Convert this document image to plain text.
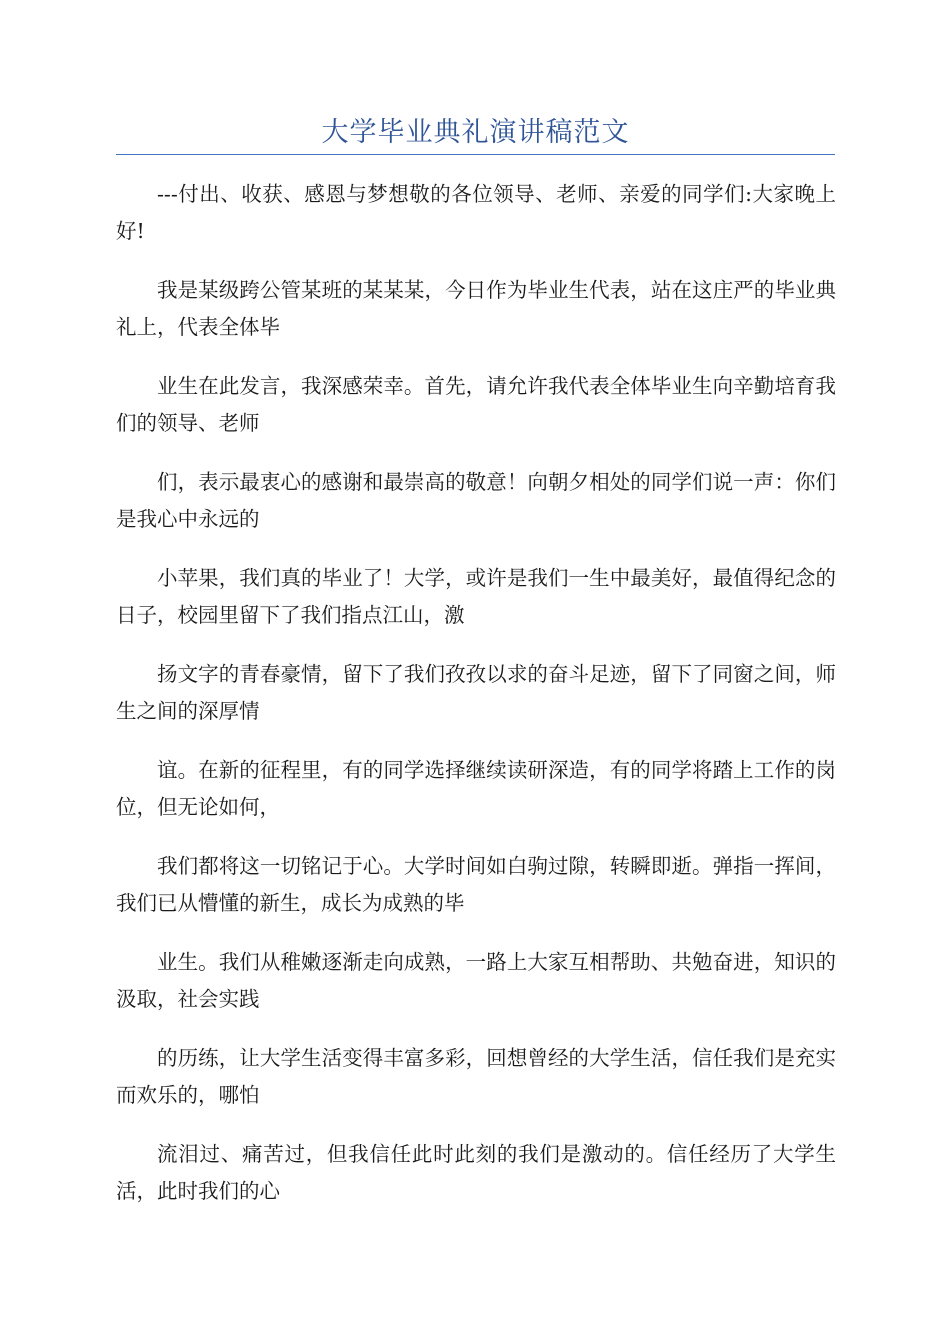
大学毕业典礼演讲稿范文

---付出、收获、感恩与梦想敬的各位领导、老师、亲爱的同学们:大家晚上好!

我是某级跨公管某班的某某某，今日作为毕业生代表，站在这庄严的毕业典礼上，代表全体毕

业生在此发言，我深感荣幸。首先，请允许我代表全体毕业生向辛勤培育我们的领导、老师

们，表示最衷心的感谢和最崇高的敬意！向朝夕相处的同学们说一声：你们是我心中永远的

小苹果，我们真的毕业了！大学，或许是我们一生中最美好，最值得纪念的日子，校园里留下了我们指点江山，激

扬文字的青春豪情，留下了我们孜孜以求的奋斗足迹，留下了同窗之间，师生之间的深厚情

谊。在新的征程里，有的同学选择继续读研深造，有的同学将踏上工作的岗位，但无论如何，

我们都将这一切铭记于心。大学时间如白驹过隙，转瞬即逝。弹指一挥间，我们已从懵懂的新生，成长为成熟的毕

业生。我们从稚嫩逐渐走向成熟，一路上大家互相帮助、共勉奋进，知识的汲取，社会实践

的历练，让大学生活变得丰富多彩，回想曾经的大学生活，信任我们是充实而欢乐的，哪怕

流泪过、痛苦过，但我信任此时此刻的我们是激动的。信任经历了大学生活，此时我们的心
